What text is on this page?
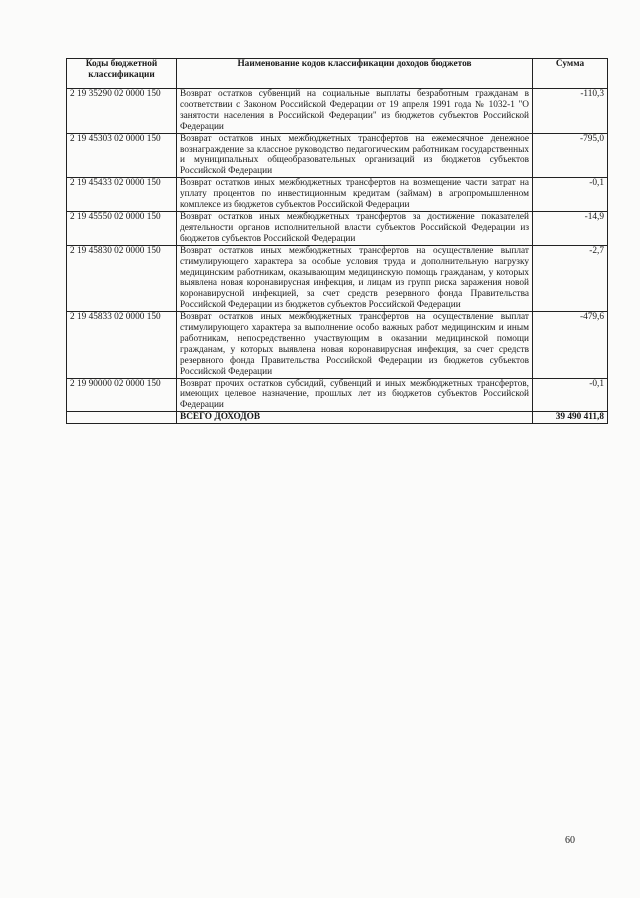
Коды бюджетной классификации	Наименование кодов классификации доходов бюджетов	Сумма
2 19 35290 02 0000 150	Возврат остатков субвенций на социальные выплаты безработным гражданам в соответствии с Законом Российской Федерации от 19 апреля 1991 года № 1032-1 "О занятости населения в Российской Федерации" из бюджетов субъектов Российской Федерации	-110,3
2 19 45303 02 0000 150	Возврат остатков иных межбюджетных трансфертов на ежемесячное денежное вознаграждение за классное руководство педагогическим работникам государственных и муниципальных общеобразовательных организаций из бюджетов субъектов Российской Федерации	-795,0
2 19 45433 02 0000 150	Возврат остатков иных межбюджетных трансфертов на возмещение части затрат на уплату процентов по инвестиционным кредитам (займам) в агропромышленном комплексе из бюджетов субъектов Российской Федерации	-0,1
2 19 45550 02 0000 150	Возврат остатков иных межбюджетных трансфертов за достижение показателей деятельности органов исполнительной власти субъектов Российской Федерации из бюджетов субъектов Российской Федерации	-14,9
2 19 45830 02 0000 150	Возврат остатков иных межбюджетных трансфертов на осуществление выплат стимулирующего характера за особые условия труда и дополнительную нагрузку медицинским работникам, оказывающим медицинскую помощь гражданам, у которых выявлена новая коронавирусная инфекция, и лицам из групп риска заражения новой коронавирусной инфекцией, за счет средств резервного фонда Правительства Российской Федерации из бюджетов субъектов Российской Федерации	-2,7
2 19 45833 02 0000 150	Возврат остатков иных межбюджетных трансфертов на осуществление выплат стимулирующего характера за выполнение особо важных работ медицинским и иным работникам, непосредственно участвующим в оказании медицинской помощи гражданам, у которых выявлена новая коронавирусная инфекция, за счет средств резервного фонда Правительства Российской Федерации из бюджетов субъектов Российской Федерации	-479,6
2 19 90000 02 0000 150	Возврат прочих остатков субсидий, субвенций и иных межбюджетных трансфертов, имеющих целевое назначение, прошлых лет из бюджетов субъектов Российской Федерации	-0,1
	ВСЕГО ДОХОДОВ	39 490 411,8
60
